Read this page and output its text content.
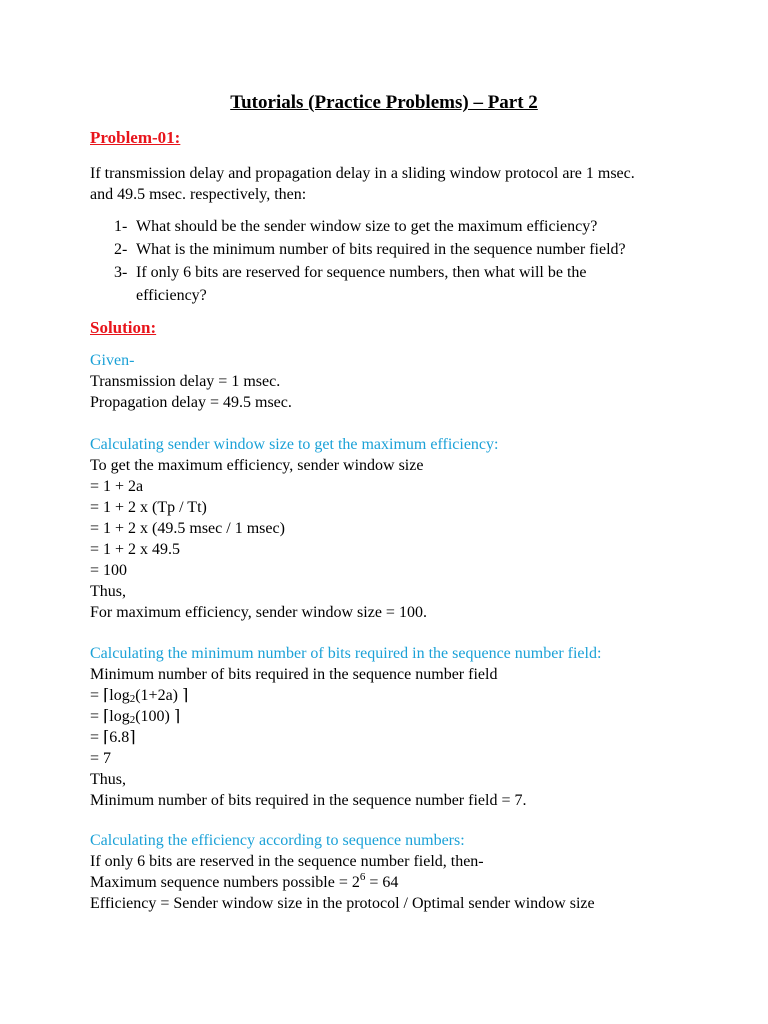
Tutorials (Practice Problems) – Part 2
Problem-01:
If transmission delay and propagation delay in a sliding window protocol are 1 msec.
and 49.5 msec. respectively, then:
1- What should be the sender window size to get the maximum efficiency?
2- What is the minimum number of bits required in the sequence number field?
3- If only 6 bits are reserved for sequence numbers, then what will be the
efficiency?
Solution:
Given-
Transmission delay = 1 msec.
Propagation delay = 49.5 msec.
Calculating sender window size to get the maximum efficiency:
To get the maximum efficiency, sender window size
= 1 + 2a
= 1 + 2 x (Tp / Tt)
= 1 + 2 x (49.5 msec / 1 msec)
= 1 + 2 x 49.5
= 100
Thus,
For maximum efficiency, sender window size = 100.
Calculating the minimum number of bits required in the sequence number field:
Minimum number of bits required in the sequence number field
= $⌈\log_2(1+2a)$ ⌉
= $⌈\log_2(100)$ ⌉
= ⌈6.8⌉
= 7
Thus,
Minimum number of bits required in the sequence number field = 7.
Calculating the efficiency according to sequence numbers:
If only 6 bits are reserved in the sequence number field, then-
Maximum sequence numbers possible = $2^6 = 64$
Efficiency = Sender window size in the protocol / Optimal sender window size
